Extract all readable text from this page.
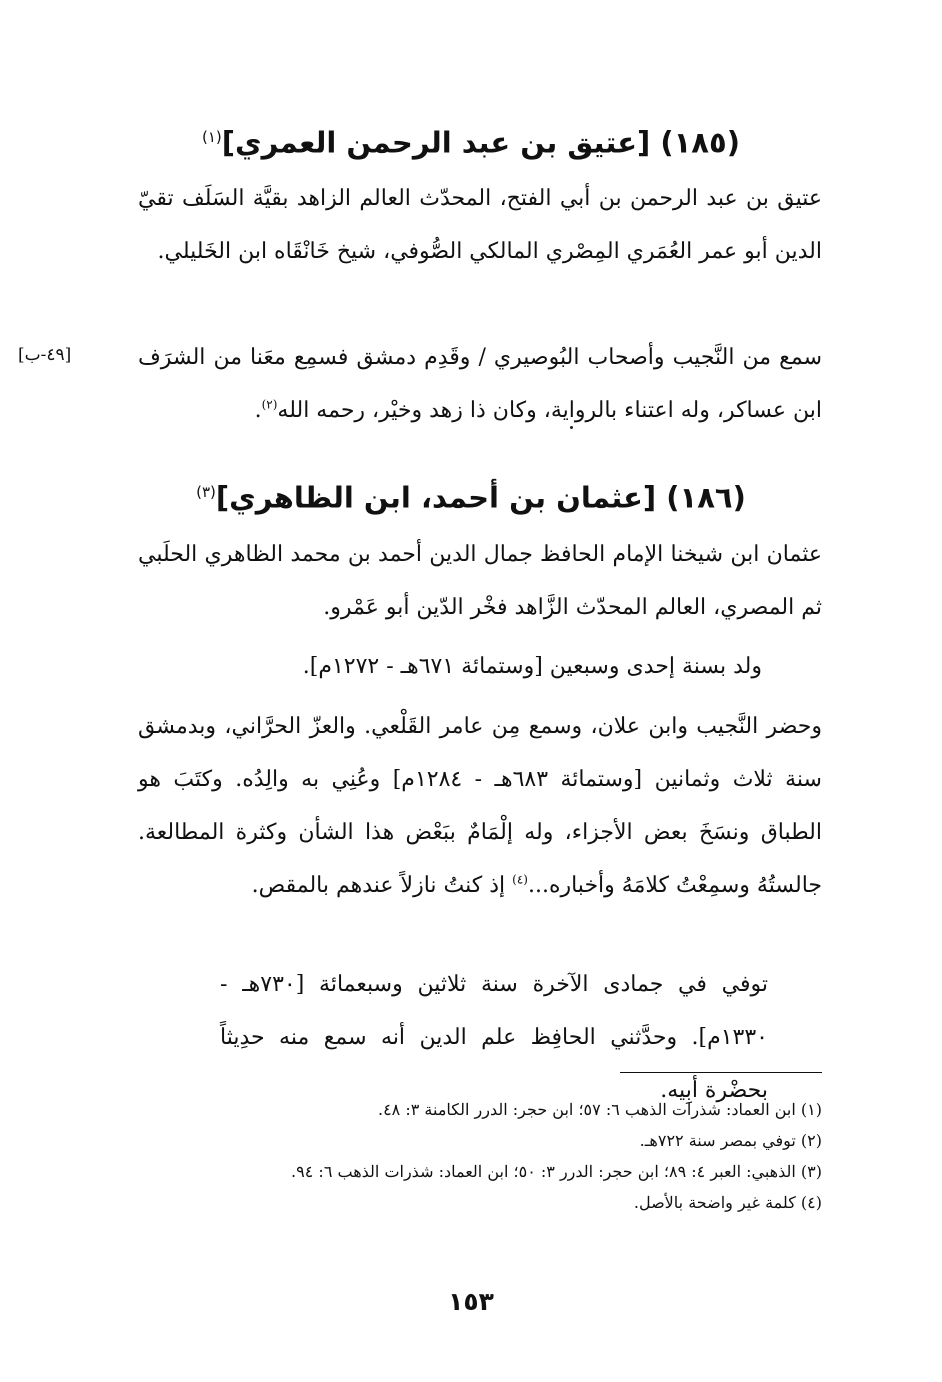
(١٨٥) [عتيق بن عبد الرحمن العمري]$^{(١)}$
عتيق بن عبد الرحمن بن أبي الفتح، المحدّث العالم الزاهد بقيَّة السَلَف تقيّ الدين أبو عمر العُمَري المِصْري المالكي الصُّوفي، شيخ خَانْقَاه ابن الخَليلي.
سمع من النَّجيب وأصحاب البُوصيري / وقَدِم دمشق فسمِع معَنا من الشرَف ابن عساكر، وله اعتناء بالرواية، وكان ذا زهد وخيْر، رحمه الله$^{(٢)}$.
[٤٩-ب]
(١٨٦) [عثمان بن أحمد، ابن الظاهري]$^{(٣)}$
عثمان ابن شيخنا الإمام الحافظ جمال الدين أحمد بن محمد الظاهري الحلَبي ثم المصري، العالم المحدّث الزَّاهد فخْر الدّين أبو عَمْرو.
ولد بسنة إحدى وسبعين [وستمائة ٦٧١هـ - ١٢٧٢م].
وحضر النَّجيب وابن علان، وسمع مِن عامر القَلْعي. والعزّ الحرَّاني، وبدمشق سنة ثلاث وثمانين [وستمائة ٦٨٣هـ - ١٢٨٤م] وعُنِي به والِدُه. وكتَبَ هو الطباق ونسَخَ بعض الأجزاء، وله إلْمَامٌ ببَعْض هذا الشأن وكثرة المطالعة. جالستُهُ وسمِعْتُ كلامَهُ وأخباره...$^{(٤)}$ إذ كنتُ نازلاً عندهم بالمقص.
توفي في جمادى الآخرة سنة ثلاثين وسبعمائة [٧٣٠هـ - ١٣٣٠م]. وحدَّثني الحافِظ علم الدين أنه سمع منه حدِيثاً بحضْرة أبِيه.
(١) ابن العماد: شذرات الذهب ٦: ٥٧؛ ابن حجر: الدرر الكامنة ٣: ٤٨.
(٢) توفي بمصر سنة ٧٢٢هـ.
(٣) الذهبي: العبر ٤: ٨٩؛ ابن حجر: الدرر ٣: ٥٠؛ ابن العماد: شذرات الذهب ٦: ٩٤.
(٤) كلمة غير واضحة بالأصل.
١٥٣
